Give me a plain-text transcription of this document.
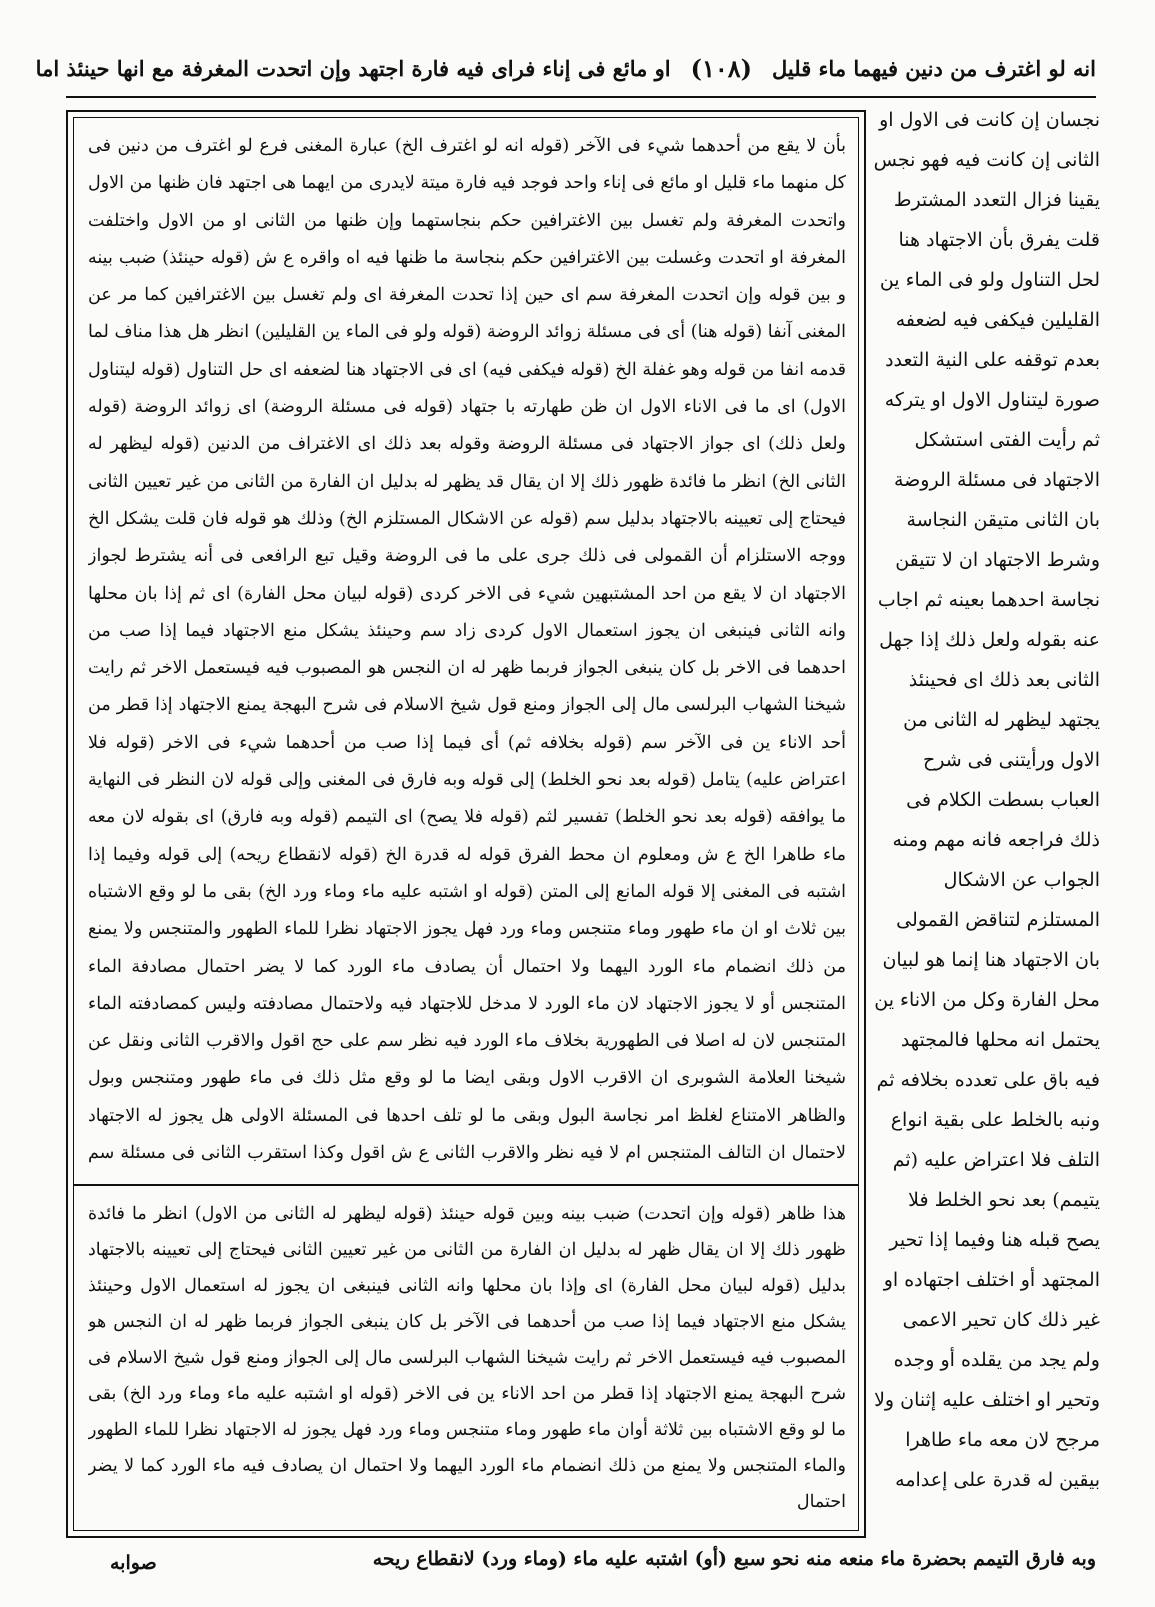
انه لو اغترف من دنين فيهما ماء قليل
(١٠٨)
او مائع فى إناء فراى فيه فارة اجتهد وإن اتحدت المغرفة مع انها حينئذ اما
بأن لا يقع من أحدهما شيء فى الآخر (قوله انه لو اغترف الخ) عبارة المغنى فرع لو اغترف من دنين فى كل منهما ماء قليل او مائع فى إناء واحد فوجد فيه فارة ميتة لايدرى من ايهما هى اجتهد فان ظنها من الاول واتحدت المغرفة ولم تغسل بين الاغترافين حكم بنجاستهما وإن ظنها من الثانى او من الاول واختلفت المغرفة او اتحدت وغسلت بين الاغترافين حكم بنجاسة ما ظنها فيه اه واقره ع ش (قوله حينئذ) ضبب بينه و بين قوله وإن اتحدت المغرفة سم اى حين إذا تحدت المغرفة اى ولم تغسل بين الاغترافين كما مر عن المغنى آنفا (قوله هنا) أى فى مسئلة زوائد الروضة (قوله ولو فى الماء ين القليلين) انظر هل هذا مناف لما قدمه انفا من قوله وهو غفلة الخ (قوله فيكفى فيه) اى فى الاجتهاد هنا لضعفه اى حل التناول (قوله ليتناول الاول) اى ما فى الاناء الاول ان ظن طهارته با جتهاد (قوله فى مسئلة الروضة) اى زوائد الروضة (قوله ولعل ذلك) اى جواز الاجتهاد فى مسئلة الروضة وقوله بعد ذلك اى الاغتراف من الدنين (قوله ليظهر له الثانى الخ) انظر ما فائدة ظهور ذلك إلا ان يقال قد يظهر له بدليل ان الفارة من الثانى من غير تعيين الثانى فيحتاج إلى تعيينه بالاجتهاد بدليل سم (قوله عن الاشكال المستلزم الخ) وذلك هو قوله فان قلت يشكل الخ ووجه الاستلزام أن القمولى فى ذلك جرى على ما فى الروضة وقيل تبع الرافعى فى أنه يشترط لجواز الاجتهاد ان لا يقع من احد المشتبهين شيء فى الاخر كردى (قوله لبيان محل الفارة) اى ثم إذا بان محلها وانه الثانى فينبغى ان يجوز استعمال الاول كردى زاد سم وحينئذ يشكل منع الاجتهاد فيما إذا صب من احدهما فى الاخر بل كان ينبغى الجواز فربما ظهر له ان النجس هو المصبوب فيه فيستعمل الاخر ثم رايت شيخنا الشهاب البرلسى مال إلى الجواز ومنع قول شيخ الاسلام فى شرح البهجة يمنع الاجتهاد إذا قطر من أحد الاناء ين فى الآخر سم (قوله بخلافه ثم) أى فيما إذا صب من أحدهما شيء فى الاخر (قوله فلا اعتراض عليه) يتامل (قوله بعد نحو الخلط) إلى قوله وبه فارق فى المغنى وإلى قوله لان النظر فى النهاية ما يوافقه (قوله بعد نحو الخلط) تفسير لثم (قوله فلا يصح) اى التيمم (قوله وبه فارق) اى بقوله لان معه ماء طاهرا الخ ع ش ومعلوم ان محط الفرق قوله له قدرة الخ (قوله لانقطاع ريحه) إلى قوله وفيما إذا اشتبه فى المغنى إلا قوله المانع إلى المتن (قوله او اشتبه عليه ماء وماء ورد الخ) بقى ما لو وقع الاشتباه بين ثلاث او ان ماء طهور وماء متنجس وماء ورد فهل يجوز الاجتهاد نظرا للماء الطهور والمتنجس ولا يمنع من ذلك انضمام ماء الورد اليهما ولا احتمال أن يصادف ماء الورد كما لا يضر احتمال مصادفة الماء المتنجس أو لا يجوز الاجتهاد لان ماء الورد لا مدخل للاجتهاد فيه ولاحتمال مصادفته وليس كمصادفته الماء المتنجس لان له اصلا فى الطهورية بخلاف ماء الورد فيه نظر سم على حج اقول والاقرب الثانى ونقل عن شيخنا العلامة الشوبرى ان الاقرب الاول وبقى ايضا ما لو وقع مثل ذلك فى ماء طهور ومتنجس وبول والظاهر الامتناع لغلظ امر نجاسة البول وبقى ما لو تلف احدها فى المسئلة الاولى هل يجوز له الاجتهاد لاحتمال ان التالف المتنجس ام لا فيه نظر والاقرب الثانى ع ش اقول وكذا استقرب الثانى فى مسئلة سم
هذا ظاهر (قوله وإن اتحدت) ضبب بينه وبين قوله حينئذ (قوله ليظهر له الثانى من الاول) انظر ما فائدة ظهور ذلك إلا ان يقال ظهر له بدليل ان الفارة من الثانى من غير تعيين الثانى فيحتاج إلى تعيينه بالاجتهاد بدليل (قوله لبيان محل الفارة) اى وإذا بان محلها وانه الثانى فينبغى ان يجوز له استعمال الاول وحينئذ يشكل منع الاجتهاد فيما إذا صب من أحدهما فى الآخر بل كان ينبغى الجواز فربما ظهر له ان النجس هو المصبوب فيه فيستعمل الاخر ثم رايت شيخنا الشهاب البرلسى مال إلى الجواز ومنع قول شيخ الاسلام فى شرح البهجة يمنع الاجتهاد إذا قطر من احد الاناء ين فى الاخر (قوله او اشتبه عليه ماء وماء ورد الخ) بقى ما لو وقع الاشتباه بين ثلاثة أوان ماء طهور وماء متنجس وماء ورد فهل يجوز له الاجتهاد نظرا للماء الطهور والماء المتنجس ولا يمنع من ذلك انضمام ماء الورد اليهما ولا احتمال ان يصادف فيه ماء الورد كما لا يضر احتمال
نجسان إن كانت فى الاول او الثانى إن كانت فيه فهو نجس يقينا فزال التعدد المشترط قلت يفرق بأن الاجتهاد هنا لحل التناول ولو فى الماء ين القليلين فيكفى فيه لضعفه بعدم توقفه على النية التعدد صورة ليتناول الاول او يتركه ثم رأيت الفتى استشكل الاجتهاد فى مسئلة الروضة بان الثانى متيقن النجاسة وشرط الاجتهاد ان لا تتيقن نجاسة احدهما بعينه ثم اجاب عنه بقوله ولعل ذلك إذا جهل الثانى بعد ذلك اى فحينئذ يجتهد ليظهر له الثانى من الاول ورأيتنى فى شرح العباب بسطت الكلام فى ذلك فراجعه فانه مهم ومنه الجواب عن الاشكال المستلزم لتناقض القمولى بان الاجتهاد هنا إنما هو لبيان محل الفارة وكل من الاناء ين يحتمل انه محلها فالمجتهد فيه باق على تعدده بخلافه ثم ونبه بالخلط على بقية انواع التلف فلا اعتراض عليه (ثم يتيمم) بعد نحو الخلط فلا يصح قبله هنا وفيما إذا تحير المجتهد أو اختلف اجتهاده او غير ذلك كان تحير الاعمى ولم يجد من يقلده أو وجده وتحير او اختلف عليه إثنان ولا مرجح لان معه ماء طاهرا بيقين له قدرة على إعدامه
وبه فارق التيمم بحضرة ماء منعه منه نحو سبع (أو) اشتبه عليه ماء (وماء ورد) لانقطاع ريحه
صوابه
